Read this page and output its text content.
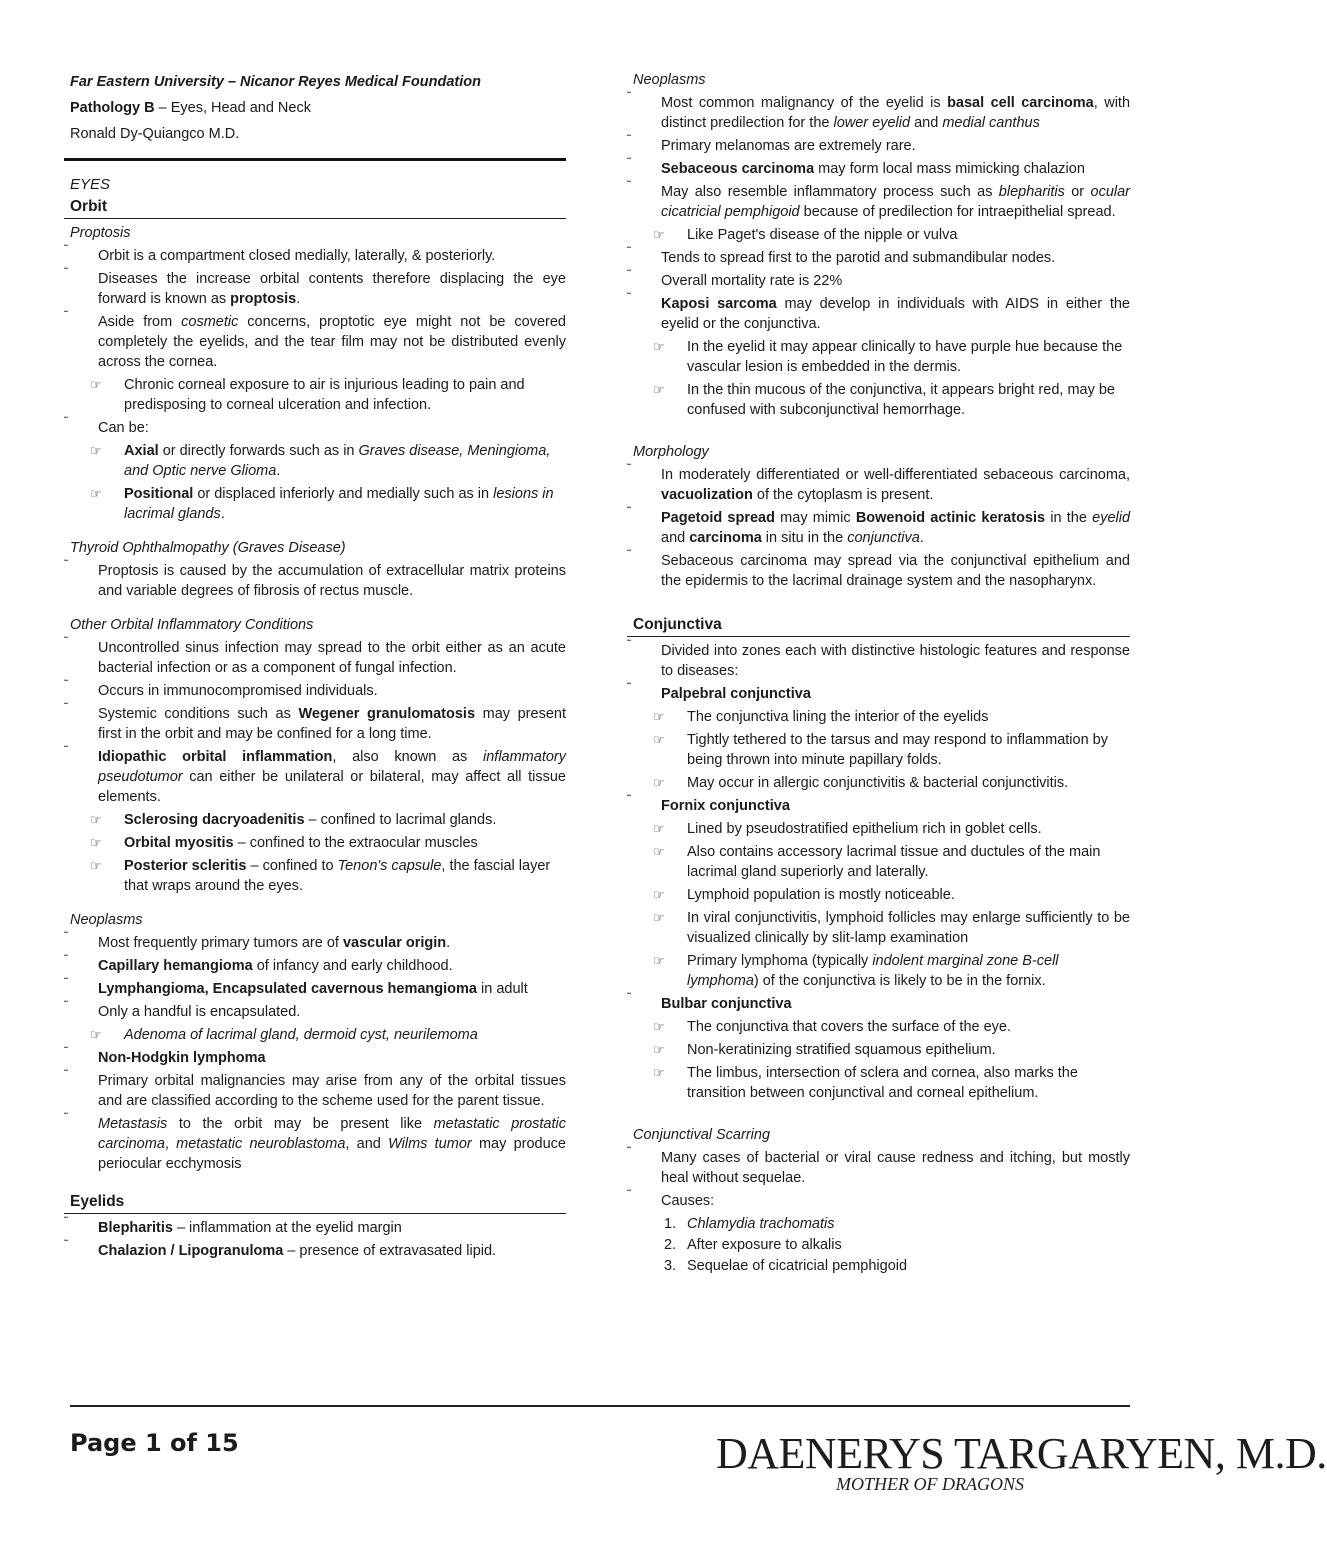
Far Eastern University – Nicanor Reyes Medical Foundation
Pathology B – Eyes, Head and Neck
Ronald Dy-Quiangco M.D.
EYES
Orbit
Proptosis
˜ Orbit is a compartment closed medially, laterally, & posteriorly.
˜ Diseases the increase orbital contents therefore displacing the eye forward is known as proptosis.
˜ Aside from cosmetic concerns, proptotic eye might not be covered completely the eyelids, and the tear film may not be distributed evenly across the cornea.
☞ Chronic corneal exposure to air is injurious leading to pain and predisposing to corneal ulceration and infection.
˜ Can be:
☞ Axial or directly forwards such as in Graves disease, Meningioma, and Optic nerve Glioma.
☞ Positional or displaced inferiorly and medially such as in lesions in lacrimal glands.
Thyroid Ophthalmopathy (Graves Disease)
˜ Proptosis is caused by the accumulation of extracellular matrix proteins and variable degrees of fibrosis of rectus muscle.
Other Orbital Inflammatory Conditions
˜ Uncontrolled sinus infection may spread to the orbit either as an acute bacterial infection or as a component of fungal infection.
˜ Occurs in immunocompromised individuals.
˜ Systemic conditions such as Wegener granulomatosis may present first in the orbit and may be confined for a long time.
˜ Idiopathic orbital inflammation, also known as inflammatory pseudotumor can either be unilateral or bilateral, may affect all tissue elements.
☞ Sclerosing dacryoadenitis – confined to lacrimal glands.
☞ Orbital myositis – confined to the extraocular muscles
☞ Posterior scleritis – confined to Tenon's capsule, the fascial layer that wraps around the eyes.
Neoplasms
˜ Most frequently primary tumors are of vascular origin.
˜ Capillary hemangioma of infancy and early childhood.
˜ Lymphangioma, Encapsulated cavernous hemangioma in adult
˜ Only a handful is encapsulated.
☞ Adenoma of lacrimal gland, dermoid cyst, neurilemoma
˜ Non-Hodgkin lymphoma
˜ Primary orbital malignancies may arise from any of the orbital tissues and are classified according to the scheme used for the parent tissue.
˜ Metastasis to the orbit may be present like metastatic prostatic carcinoma, metastatic neuroblastoma, and Wilms tumor may produce periocular ecchymosis
Eyelids
˜ Blepharitis – inflammation at the eyelid margin
˜ Chalazion / Lipogranuloma – presence of extravasated lipid.
Neoplasms
˜ Most common malignancy of the eyelid is basal cell carcinoma, with distinct predilection for the lower eyelid and medial canthus
˜ Primary melanomas are extremely rare.
˜ Sebaceous carcinoma may form local mass mimicking chalazion
˜ May also resemble inflammatory process such as blepharitis or ocular cicatricial pemphigoid because of predilection for intraepithelial spread.
☞ Like Paget's disease of the nipple or vulva
˜ Tends to spread first to the parotid and submandibular nodes.
˜ Overall mortality rate is 22%
˜ Kaposi sarcoma may develop in individuals with AIDS in either the eyelid or the conjunctiva.
☞ In the eyelid it may appear clinically to have purple hue because the vascular lesion is embedded in the dermis.
☞ In the thin mucous of the conjunctiva, it appears bright red, may be confused with subconjunctival hemorrhage.
Morphology
˜ In moderately differentiated or well-differentiated sebaceous carcinoma, vacuolization of the cytoplasm is present.
˜ Pagetoid spread may mimic Bowenoid actinic keratosis in the eyelid and carcinoma in situ in the conjunctiva.
˜ Sebaceous carcinoma may spread via the conjunctival epithelium and the epidermis to the lacrimal drainage system and the nasopharynx.
Conjunctiva
˜ Divided into zones each with distinctive histologic features and response to diseases:
˜ Palpebral conjunctiva
☞ The conjunctiva lining the interior of the eyelids
☞ Tightly tethered to the tarsus and may respond to inflammation by being thrown into minute papillary folds.
☞ May occur in allergic conjunctivitis & bacterial conjunctivitis.
˜ Fornix conjunctiva
☞ Lined by pseudostratified epithelium rich in goblet cells.
☞ Also contains accessory lacrimal tissue and ductules of the main lacrimal gland superiorly and laterally.
☞ Lymphoid population is mostly noticeable.
☞ In viral conjunctivitis, lymphoid follicles may enlarge sufficiently to be visualized clinically by slit-lamp examination
☞ Primary lymphoma (typically indolent marginal zone B-cell lymphoma) of the conjunctiva is likely to be in the fornix.
˜ Bulbar conjunctiva
☞ The conjunctiva that covers the surface of the eye.
☞ Non-keratinizing stratified squamous epithelium.
☞ The limbus, intersection of sclera and cornea, also marks the transition between conjunctival and corneal epithelium.
Conjunctival Scarring
˜ Many cases of bacterial or viral cause redness and itching, but mostly heal without sequelae.
˜ Causes:
1. Chlamydia trachomatis
2. After exposure to alkalis
3. Sequelae of cicatricial pemphigoid
Page 1 of 15	DAENERYS TARGARYEN, M.D.
MOTHER OF DRAGONS
